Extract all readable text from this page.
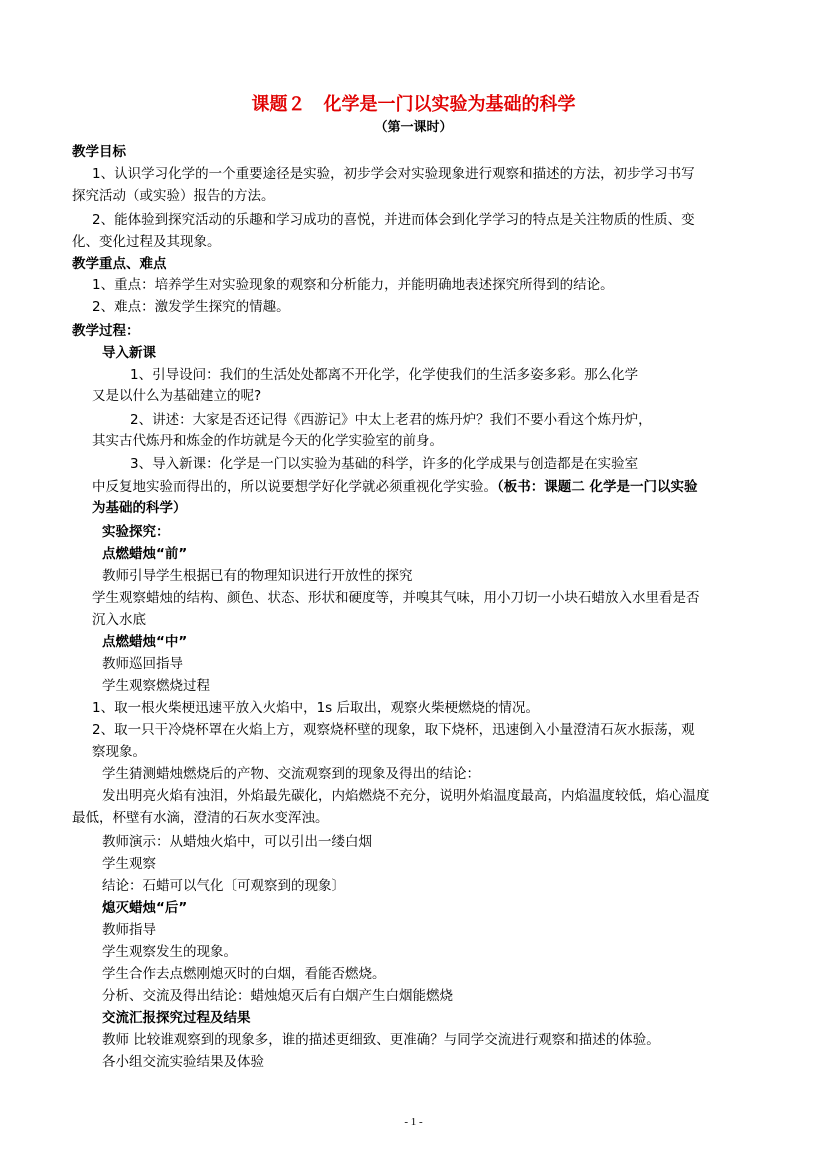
课题２　化学是一门以实验为基础的科学
（第一课时）
教学目标
1、认识学习化学的一个重要途径是实验，初步学会对实验现象进行观察和描述的方法，初步学习书写
探究活动（或实验）报告的方法。
2、能体验到探究活动的乐趣和学习成功的喜悦，并进而体会到化学学习的特点是关注物质的性质、变
化、变化过程及其现象。
教学重点、难点
1、重点：培养学生对实验现象的观察和分析能力，并能明确地表述探究所得到的结论。
2、难点：激发学生探究的情趣。
教学过程：
导入新课
1、引导设问：我们的生活处处都离不开化学，化学使我们的生活多姿多彩。那么化学
又是以什么为基础建立的呢?
2、讲述：大家是否还记得《西游记》中太上老君的炼丹炉？我们不要小看这个炼丹炉，
其实古代炼丹和炼金的作坊就是今天的化学实验室的前身。
3、导入新课：化学是一门以实验为基础的科学，许多的化学成果与创造都是在实验室
中反复地实验而得出的，所以说要想学好化学就必须重视化学实验。（板书：课题二 化学是一门以实验
为基础的科学）
实验探究：
点燃蜡烛“前”
教师引导学生根据已有的物理知识进行开放性的探究
学生观察蜡烛的结构、颜色、状态、形状和硬度等，并嗅其气味，用小刀切一小块石蜡放入水里看是否
沉入水底
点燃蜡烛“中”
教师巡回指导
学生观察燃烧过程
1、取一根火柴梗迅速平放入火焰中，1s 后取出，观察火柴梗燃烧的情况。
2、取一只干冷烧杯罩在火焰上方，观察烧杯壁的现象，取下烧杯，迅速倒入小量澄清石灰水振荡，观
察现象。
学生猜测蜡烛燃烧后的产物、交流观察到的现象及得出的结论：
发出明亮火焰有浊泪，外焰最先碳化，内焰燃烧不充分，说明外焰温度最高，内焰温度较低，焰心温度
最低，杯壁有水滴，澄清的石灰水变浑浊。
教师演示：从蜡烛火焰中，可以引出一缕白烟
学生观察
结论：石蜡可以气化〔可观察到的现象〕
熄灭蜡烛“后”
教师指导
学生观察发生的现象。
学生合作去点燃刚熄灭时的白烟，看能否燃烧。
分析、交流及得出结论：蜡烛熄灭后有白烟产生白烟能燃烧
交流汇报探究过程及结果
教师 比较谁观察到的现象多，谁的描述更细致、更准确？与同学交流进行观察和描述的体验。
各小组交流实验结果及体验
- 1 -
